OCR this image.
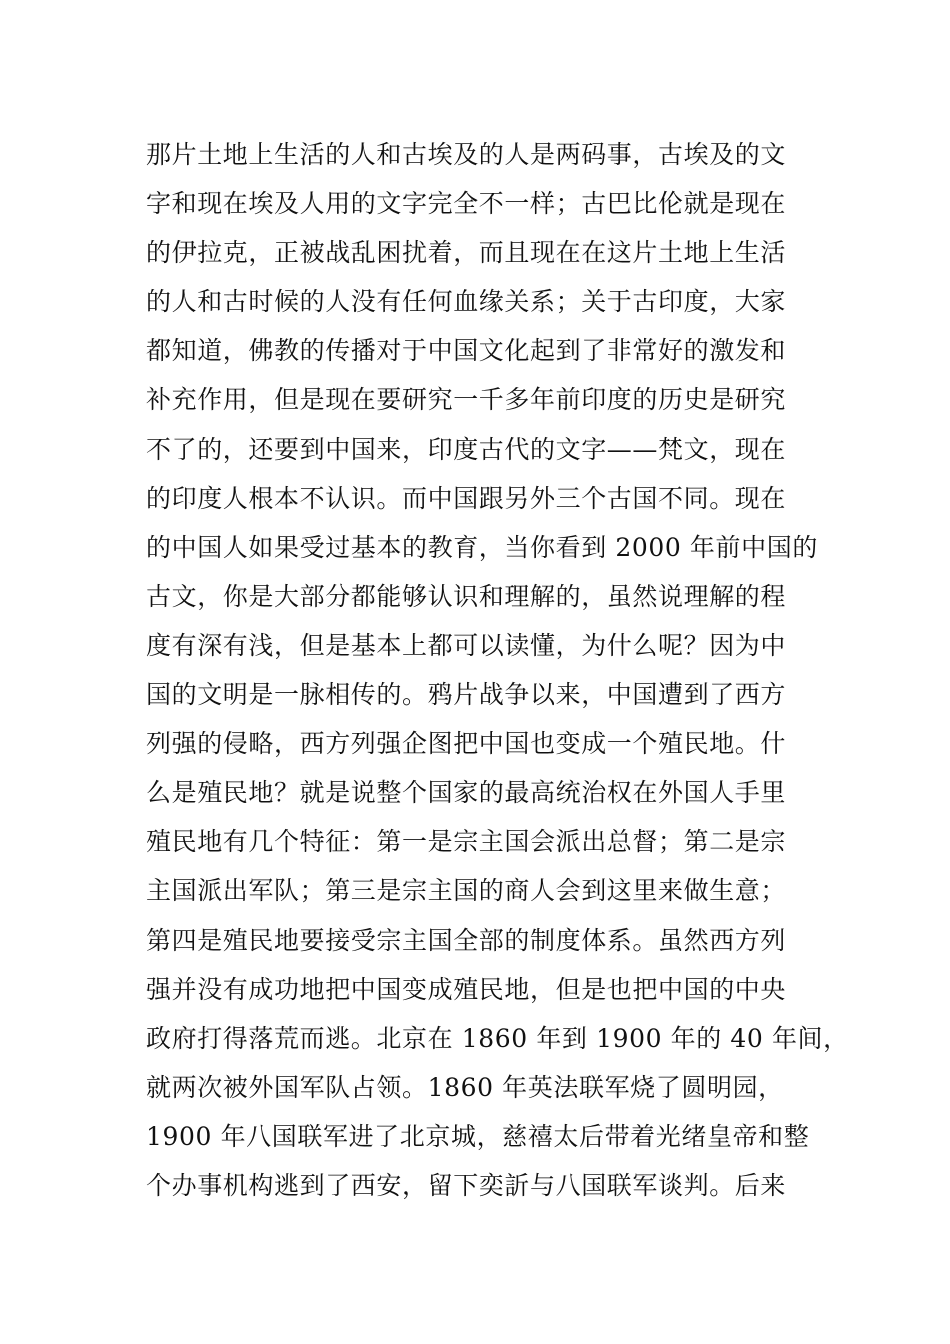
那片土地上生活的人和古埃及的人是两码事，古埃及的文
字和现在埃及人用的文字完全不一样；古巴比伦就是现在
的伊拉克，正被战乱困扰着，而且现在在这片土地上生活
的人和古时候的人没有任何血缘关系；关于古印度，大家
都知道，佛教的传播对于中国文化起到了非常好的激发和
补充作用，但是现在要研究一千多年前印度的历史是研究
不了的，还要到中国来，印度古代的文字——梵文，现在
的印度人根本不认识。而中国跟另外三个古国不同。现在
的中国人如果受过基本的教育，当你看到 2000 年前中国的
古文，你是大部分都能够认识和理解的，虽然说理解的程
度有深有浅，但是基本上都可以读懂，为什么呢？因为中
国的文明是一脉相传的。鸦片战争以来，中国遭到了西方
列强的侵略，西方列强企图把中国也变成一个殖民地。什
么是殖民地？就是说整个国家的最高统治权在外国人手里
殖民地有几个特征：第一是宗主国会派出总督；第二是宗
主国派出军队；第三是宗主国的商人会到这里来做生意；
第四是殖民地要接受宗主国全部的制度体系。虽然西方列
强并没有成功地把中国变成殖民地，但是也把中国的中央
政府打得落荒而逃。北京在 1860 年到 1900 年的 40 年间，
就两次被外国军队占领。1860 年英法联军烧了圆明园，
1900 年八国联军进了北京城，慈禧太后带着光绪皇帝和整
个办事机构逃到了西安，留下奕訢与八国联军谈判。后来
